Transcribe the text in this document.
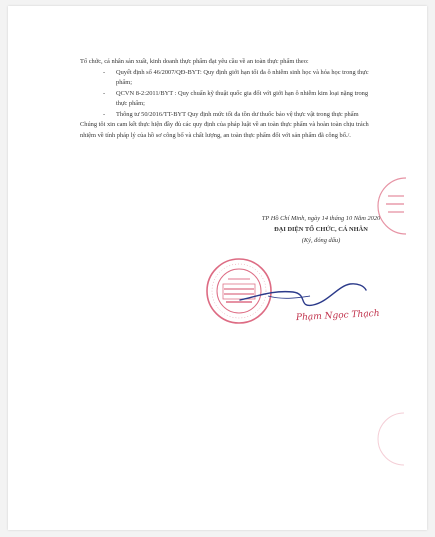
Tổ chức, cá nhân sản xuất, kinh doanh thực phẩm đạt yêu cầu về an toàn thực phẩm theo:

- Quyết định số 46/2007/QĐ-BYT: Quy định giới hạn tối đa ô nhiễm sinh học và hóa học trong thực phẩm;
- QCVN 8-2:2011/BYT : Quy chuẩn kỹ thuật quốc gia đối với giới hạn ô nhiễm kim loại nặng trong thực phẩm;
- Thông tư 50/2016/TT-BYT Quy định mức tối đa tồn dư thuốc bảo vệ thực vật trong thực phẩm

Chúng tôi xin cam kết thực hiện đầy đủ các quy định của pháp luật về an toàn thực phẩm và hoàn toàn chịu trách nhiệm về tính pháp lý của hồ sơ công bố và chất lượng, an toàn thực phẩm đối với sản phẩm đã công bố./.

TP Hồ Chí Minh, ngày 14 tháng 10 Năm 2020
ĐẠI DIỆN TỔ CHỨC, CÁ NHÂN
(Ký, đóng dấu)
Phạm Ngọc Thạch
